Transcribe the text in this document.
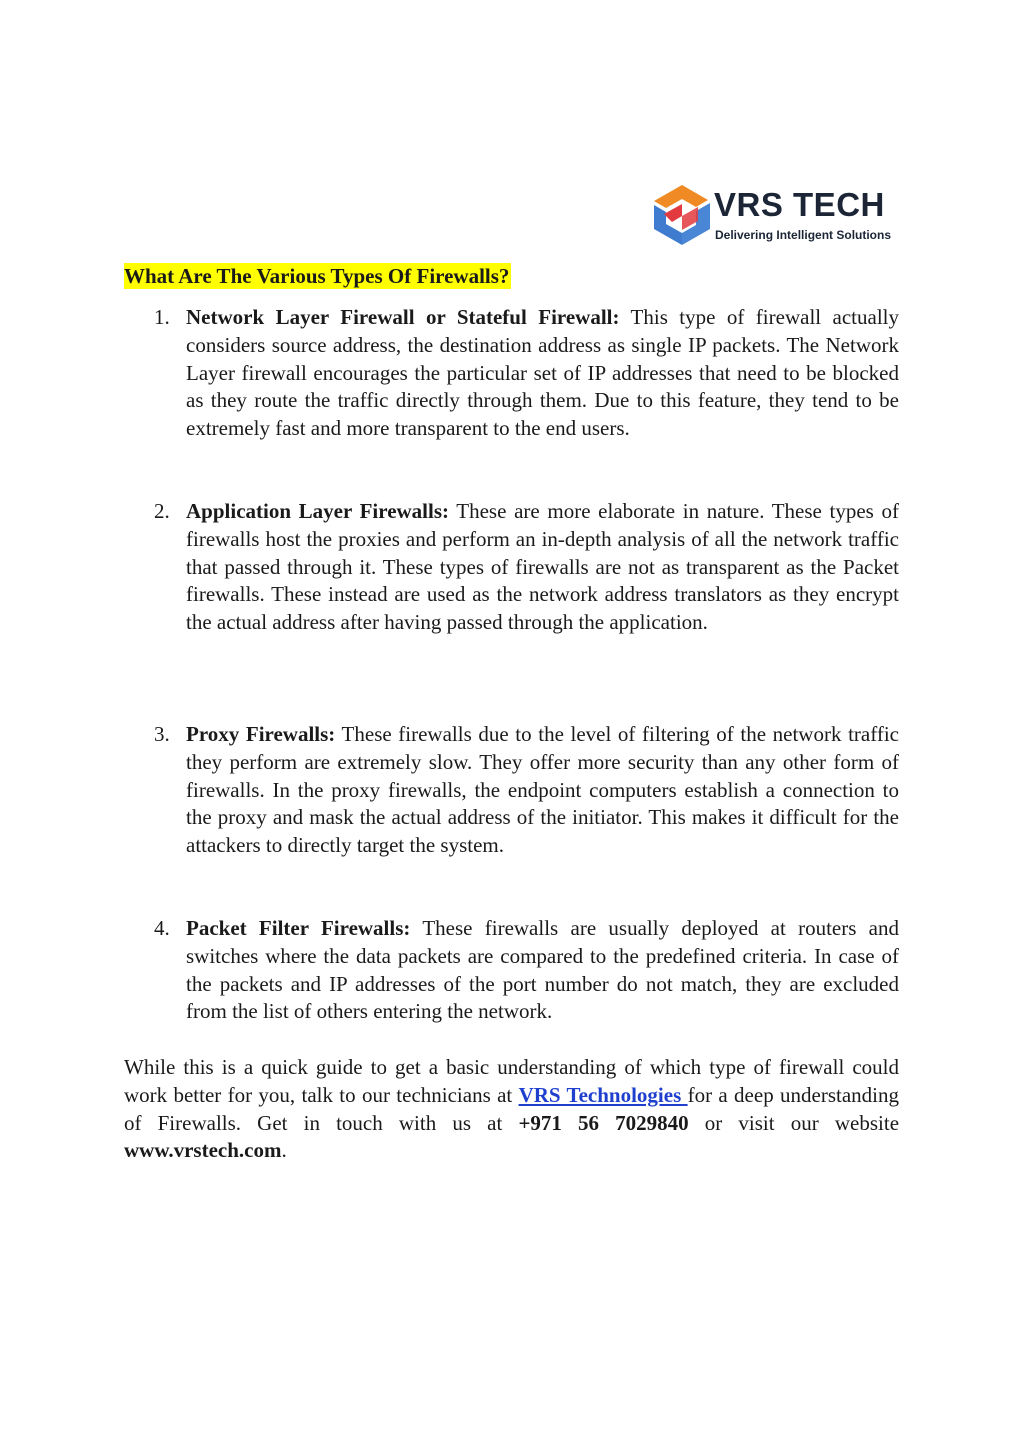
VRS TECH
Delivering Intelligent Solutions
What Are The Various Types Of Firewalls?
1. Network Layer Firewall or Stateful Firewall: This type of firewall actually considers source address, the destination address as single IP packets. The Network Layer firewall encourages the particular set of IP addresses that need to be blocked as they route the traffic directly through them. Due to this feature, they tend to be extremely fast and more transparent to the end users.
2. Application Layer Firewalls: These are more elaborate in nature. These types of firewalls host the proxies and perform an in-depth analysis of all the network traffic that passed through it. These types of firewalls are not as transparent as the Packet firewalls. These instead are used as the network address translators as they encrypt the actual address after having passed through the application.
3. Proxy Firewalls: These firewalls due to the level of filtering of the network traffic they perform are extremely slow. They offer more security than any other form of firewalls. In the proxy firewalls, the endpoint computers establish a connection to the proxy and mask the actual address of the initiator. This makes it difficult for the attackers to directly target the system.
4. Packet Filter Firewalls: These firewalls are usually deployed at routers and switches where the data packets are compared to the predefined criteria. In case of the packets and IP addresses of the port number do not match, they are excluded from the list of others entering the network.

While this is a quick guide to get a basic understanding of which type of firewall could work better for you, talk to our technicians at VRS Technologies for a deep understanding of Firewalls. Get in touch with us at +971 56 7029840 or visit our website www.vrstech.com.
